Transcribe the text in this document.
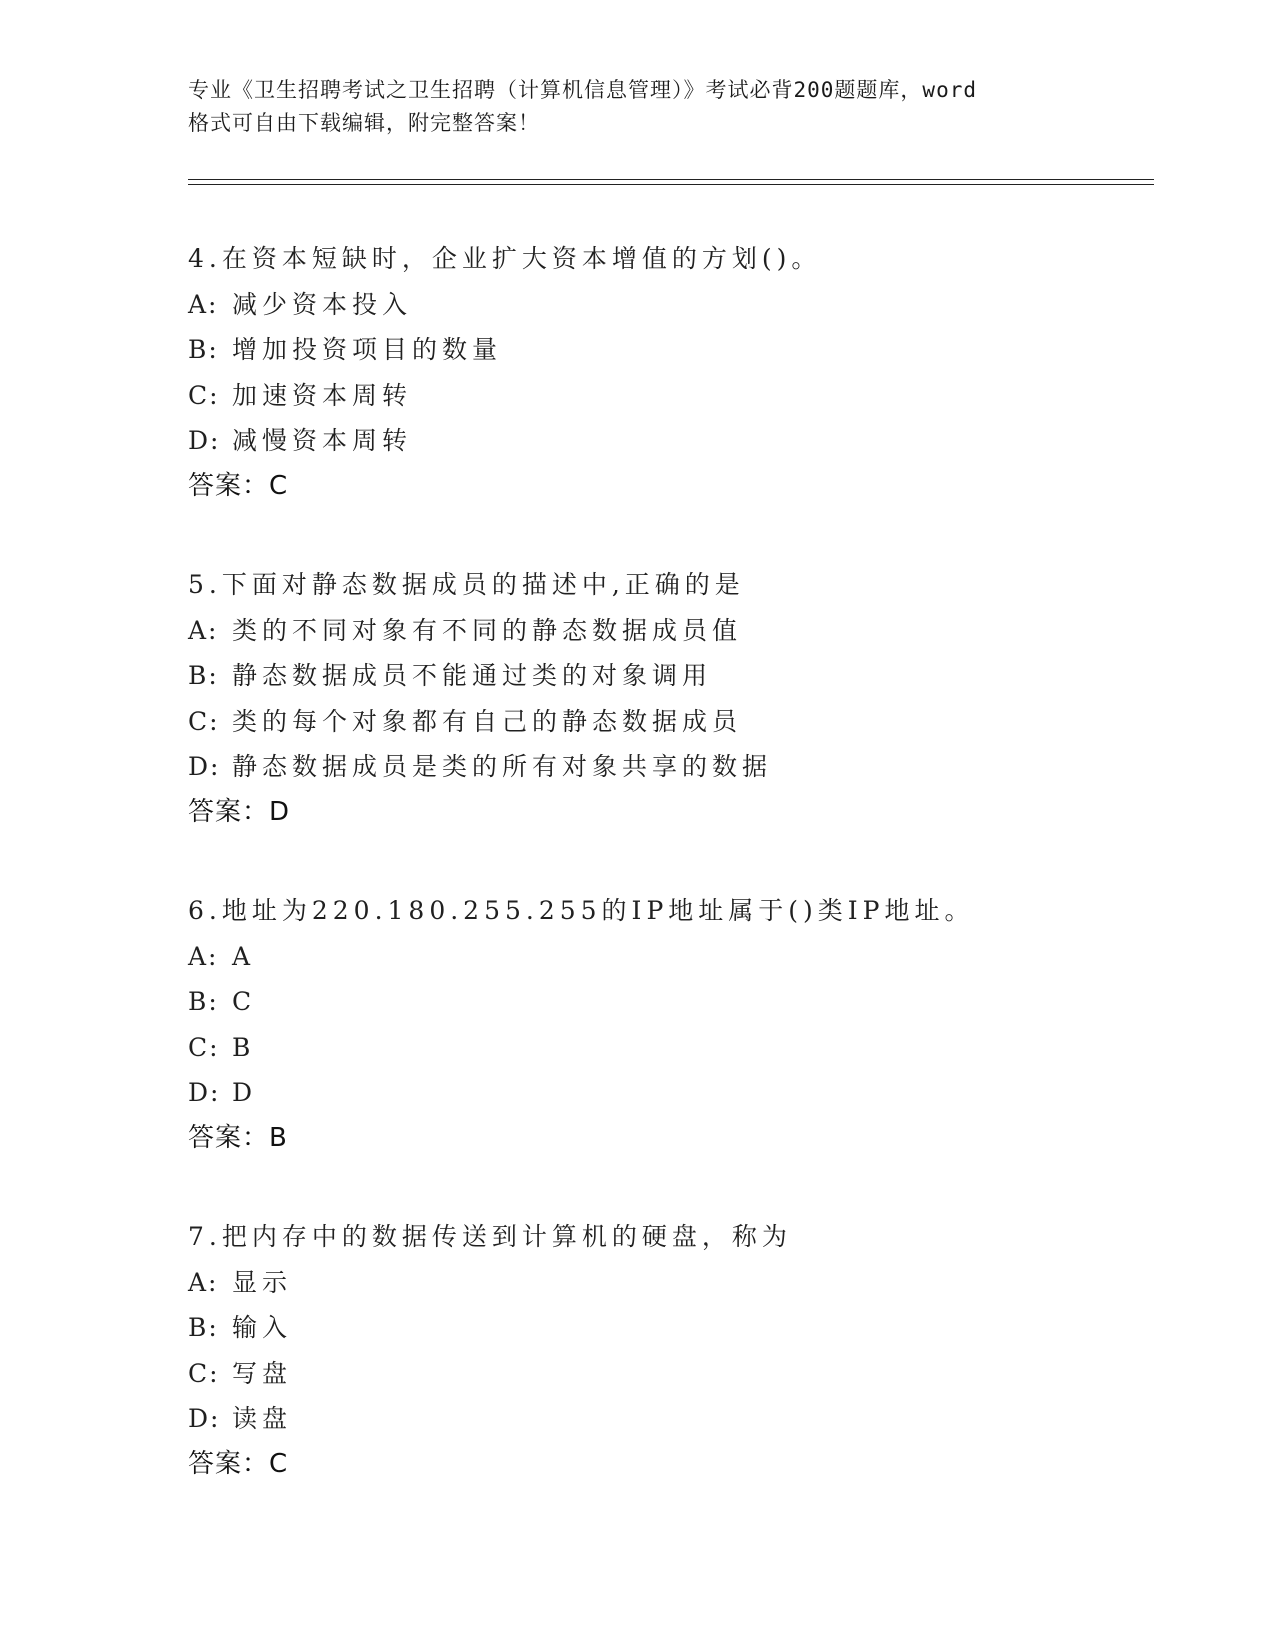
专业《卫生招聘考试之卫生招聘（计算机信息管理）》考试必背200题题库，word
格式可自由下载编辑，附完整答案！
4.在资本短缺时，企业扩大资本增值的方划()。
A: 减少资本投入
B: 增加投资项目的数量
C: 加速资本周转
D: 减慢资本周转
答案：C
5.下面对静态数据成员的描述中,正确的是
A: 类的不同对象有不同的静态数据成员值
B: 静态数据成员不能通过类的对象调用
C: 类的每个对象都有自己的静态数据成员
D: 静态数据成员是类的所有对象共享的数据
答案：D
6.地址为220.180.255.255的IP地址属于()类IP地址。
A: A
B: C
C: B
D: D
答案：B
7.把内存中的数据传送到计算机的硬盘，称为
A: 显示
B: 输入
C: 写盘
D: 读盘
答案：C
